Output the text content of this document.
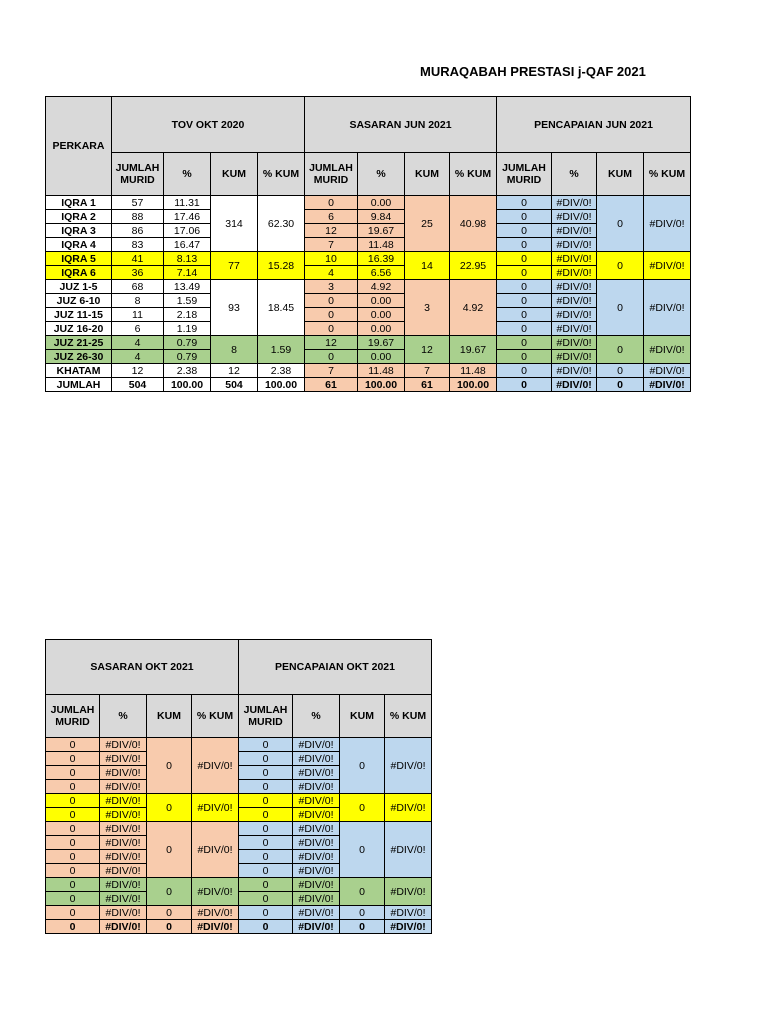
MURAQABAH PRESTASI j-QAF 2021
PERKARA	TOV OKT 2020				SASARAN JUN 2021				PENCAPAIAN JUN 2021			
	JUMLAH MURID	%	KUM	% KUM	JUMLAH MURID	%	KUM	% KUM	JUMLAH MURID	%	KUM	% KUM
IQRA 1	57	11.31	314	62.30	0	0.00	25	40.98	0	#DIV/0!	0	#DIV/0!
IQRA 2	88	17.46			6	9.84			0	#DIV/0!		
IQRA 3	86	17.06			12	19.67			0	#DIV/0!		
IQRA 4	83	16.47			7	11.48			0	#DIV/0!		
IQRA 5	41	8.13	77	15.28	10	16.39	14	22.95	0	#DIV/0!	0	#DIV/0!
IQRA 6	36	7.14			4	6.56			0	#DIV/0!		
JUZ 1-5	68	13.49	93	18.45	3	4.92	3	4.92	0	#DIV/0!	0	#DIV/0!
JUZ 6-10	8	1.59			0	0.00			0	#DIV/0!		
JUZ 11-15	11	2.18			0	0.00			0	#DIV/0!		
JUZ 16-20	6	1.19			0	0.00			0	#DIV/0!		
JUZ 21-25	4	0.79	8	1.59	12	19.67	12	19.67	0	#DIV/0!	0	#DIV/0!
JUZ 26-30	4	0.79			0	0.00			0	#DIV/0!		
KHATAM	12	2.38	12	2.38	7	11.48	7	11.48	0	#DIV/0!	0	#DIV/0!
JUMLAH	504	100.00	504	100.00	61	100.00	61	100.00	0	#DIV/0!	0	#DIV/0!
SASARAN OKT 2021				PENCAPAIAN OKT 2021			
JUMLAH MURID	%	KUM	% KUM	JUMLAH MURID	%	KUM	% KUM
0	#DIV/0!	0	#DIV/0!	0	#DIV/0!	0	#DIV/0!
0	#DIV/0!			0	#DIV/0!		
0	#DIV/0!			0	#DIV/0!		
0	#DIV/0!			0	#DIV/0!		
0	#DIV/0!	0	#DIV/0!	0	#DIV/0!	0	#DIV/0!
0	#DIV/0!			0	#DIV/0!		
0	#DIV/0!	0	#DIV/0!	0	#DIV/0!	0	#DIV/0!
0	#DIV/0!			0	#DIV/0!		
0	#DIV/0!			0	#DIV/0!		
0	#DIV/0!			0	#DIV/0!		
0	#DIV/0!	0	#DIV/0!	0	#DIV/0!	0	#DIV/0!
0	#DIV/0!			0	#DIV/0!		
0	#DIV/0!	0	#DIV/0!	0	#DIV/0!	0	#DIV/0!
0	#DIV/0!	0	#DIV/0!	0	#DIV/0!	0	#DIV/0!
